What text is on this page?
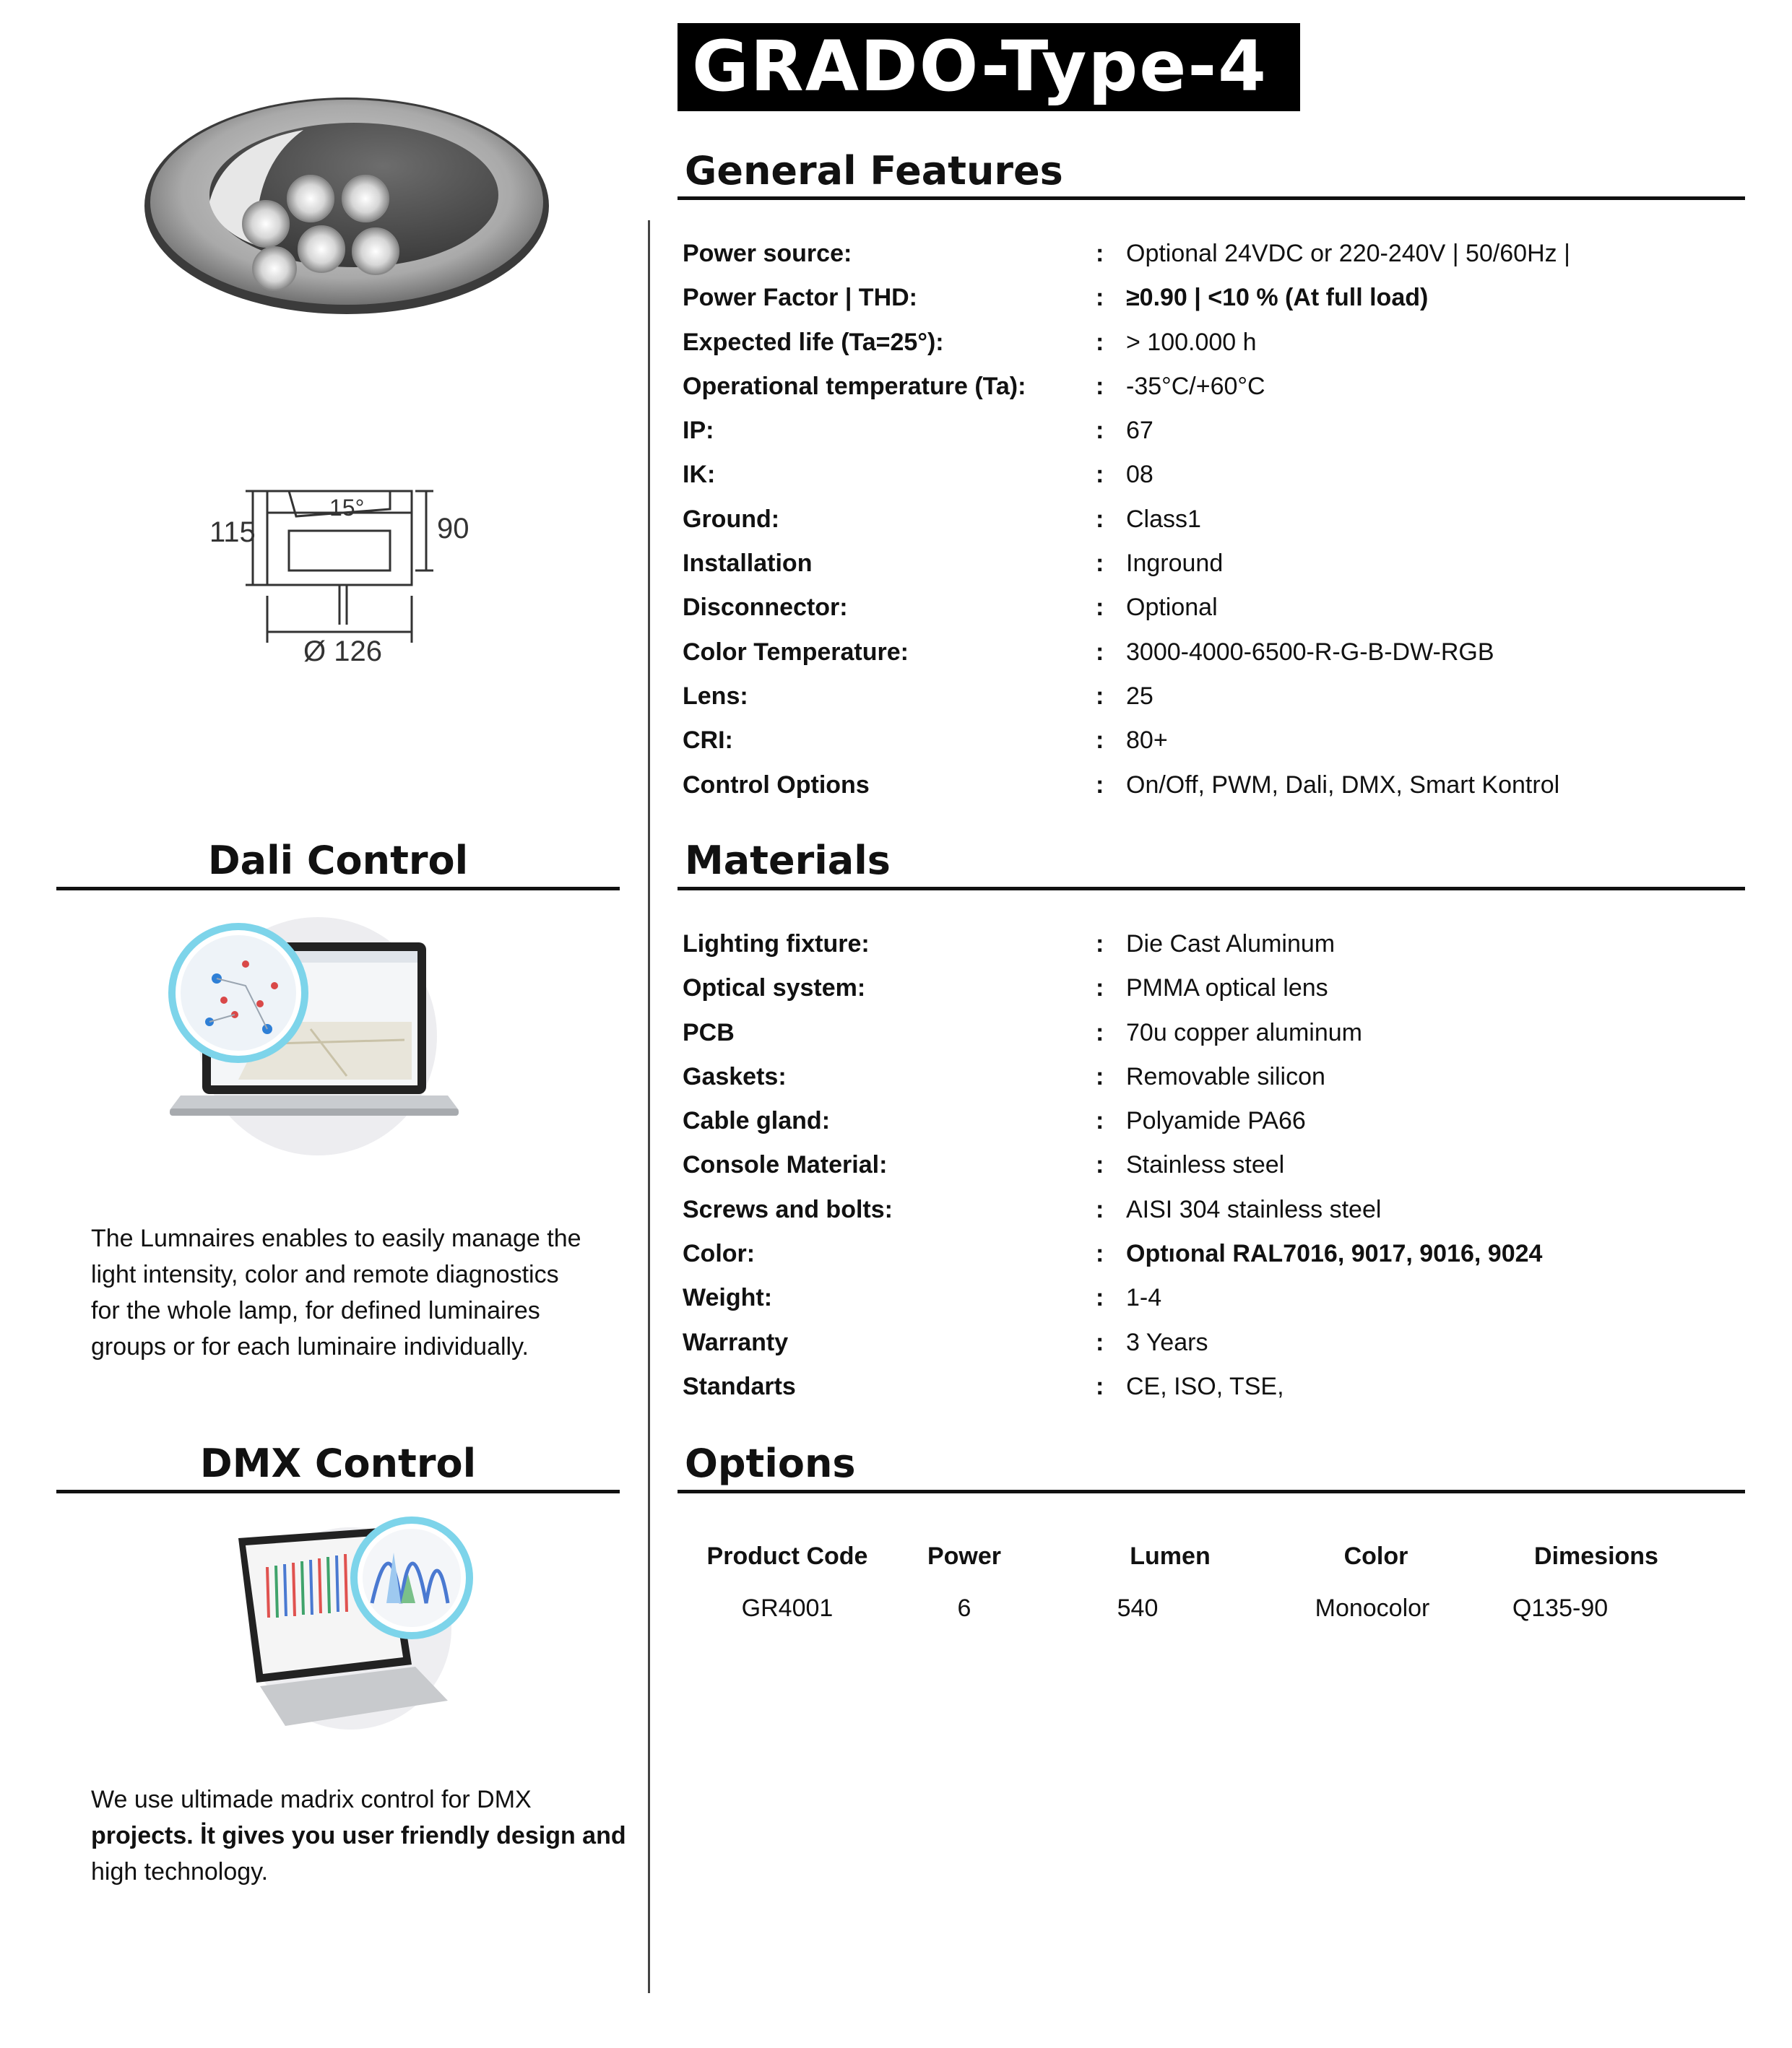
GRADO-Type-4
115	90
15°
Ø 126
General Features
Power source:	: Optional 24VDC or 220-240V | 50/60Hz |
Power Factor | THD:	: ≥0.90 | <10 % (At full load)
Expected life (Ta=25°):	: > 100.000 h
Operational temperature (Ta):	: -35°C/+60°C
IP:	: 67
IK:	: 08
Ground:	: Class1
Installation	: Inground
Disconnector:	: Optional
Color Temperature:	: 3000-4000-6500-R-G-B-DW-RGB
Lens:	: 25
CRI:	: 80+
Control Options	: On/Off, PWM, Dali, DMX, Smart Kontrol
Materials
Lighting fixture:	: Die Cast Aluminum
Optical system:	: PMMA optical lens
PCB	: 70u copper aluminum
Gaskets:	: Removable silicon
Cable gland:	: Polyamide PA66
Console Material:	: Stainless steel
Screws and bolts:	: AISI 304 stainless steel
Color:	: Optıonal RAL7016, 9017, 9016, 9024
Weight:	: 1-4
Warranty	: 3 Years
Standarts	: CE, ISO, TSE,
Options
Product Code	Power	Lumen	Color	Dimesions
GR4001	6	540	Monocolor	Q135-90
Dali Control
The Lumnaires enables to easily manage the
light intensity, color and remote diagnostics
for the whole lamp, for defined luminaires
groups or for each luminaire individually.
DMX Control
We use ultimade madrix control for DMX
projects. İt gives you user friendly design and
high technology.
